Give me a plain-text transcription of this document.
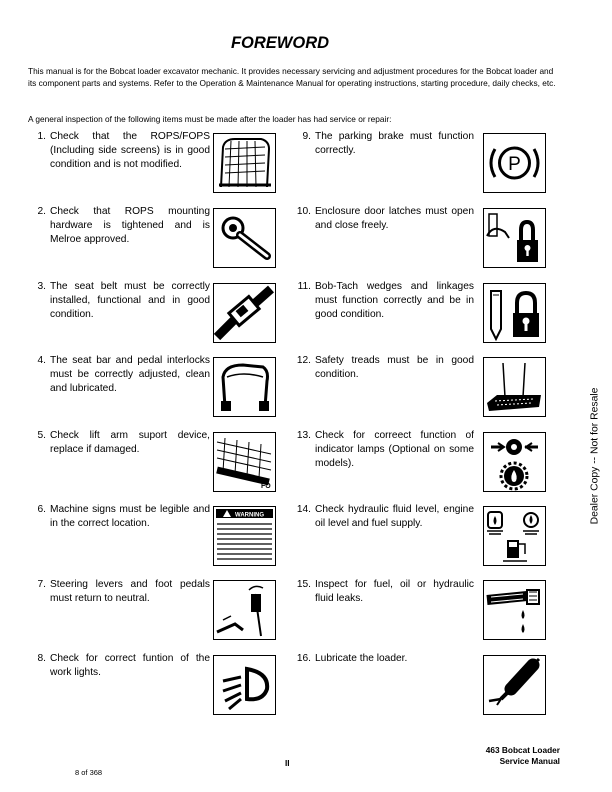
FOREWORD
This manual is for the Bobcat loader excavator mechanic. It provides necessary servicing and adjustment procedures for the Bobcat loader and its component parts and systems. Refer to the Operation & Maintenance Manual for operating instructions, starting procedure, daily checks, etc.
A general inspection of the following items must be made after the loader has had service or repair:
1. Check that the ROPS/FOPS (Including side screens) is in good condition and is not modified.
2. Check that ROPS mounting hardware is tightened and is Melroe approved.
3. The seat belt must be correctly installed, functional and in good condition.
4. The seat bar and pedal interlocks must be correctly adjusted, clean and lubricated.
5. Check lift arm suport device, replace if damaged.
6. Machine signs must be legible and in the correct location.
7. Steering levers and foot pedals must return to neutral.
8. Check for correct funtion of the work lights.
9. The parking brake must function correctly.
10. Enclosure door latches must open and close freely.
11. Bob-Tach wedges and linkages must function correctly and be in good condition.
12. Safety treads must be in good condition.
13. Check for correect function of indicator lamps (Optional on some models).
14. Check hydraulic fluid level, engine oil level and fuel supply.
15. Inspect for fuel, oil or hydraulic fluid leaks.
16. Lubricate the loader.
FO
WARNING
P
Dealer Copy -- Not for Resale
463 Bobcat Loader
Service Manual
II
8 of 368
